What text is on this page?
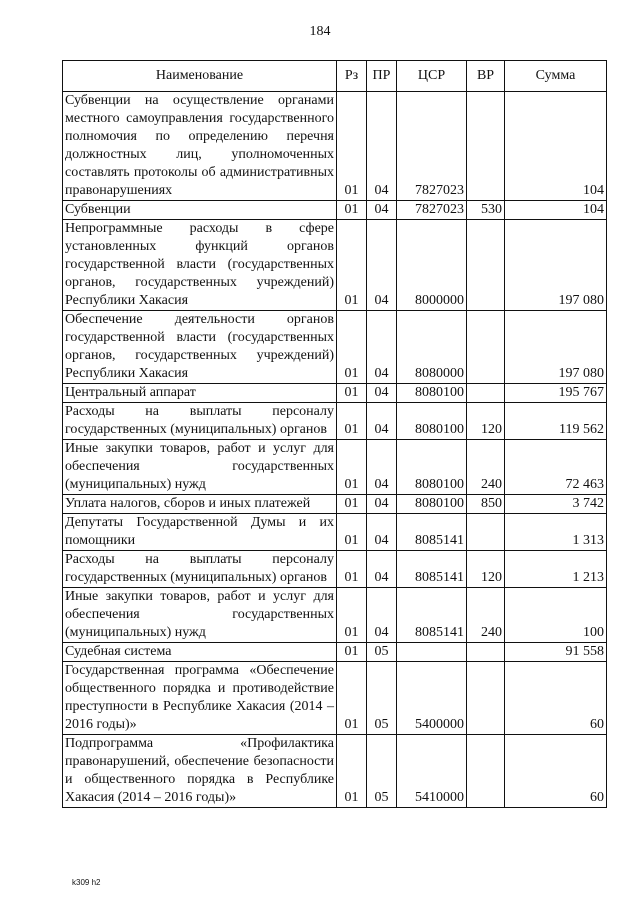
184
Наименование	Рз	ПР	ЦСР	ВР	Сумма
Субвенции на осуществление органами местного самоуправления государственного полномочия по определению перечня должностных лиц, уполномоченных составлять протоколы об административных правонарушениях	01	04	7827023		104
Субвенции	01	04	7827023	530	104
Непрограммные расходы в сфере установленных функций органов государственной власти (государственных органов, государственных учреждений) Республики Хакасия	01	04	8000000		197 080
Обеспечение деятельности органов государственной власти (государственных органов, государственных учреждений) Республики Хакасия	01	04	8080000		197 080
Центральный аппарат	01	04	8080100		195 767
Расходы на выплаты персоналу государственных (муниципальных) органов	01	04	8080100	120	119 562
Иные закупки товаров, работ и услуг для обеспечения государственных (муниципальных) нужд	01	04	8080100	240	72 463
Уплата налогов, сборов и иных платежей	01	04	8080100	850	3 742
Депутаты Государственной Думы и их помощники	01	04	8085141		1 313
Расходы на выплаты персоналу государственных (муниципальных) органов	01	04	8085141	120	1 213
Иные закупки товаров, работ и услуг для обеспечения государственных (муниципальных) нужд	01	04	8085141	240	100
Судебная система	01	05			91 558
Государственная программа «Обеспечение общественного порядка и противодействие преступности в Республике Хакасия (2014 – 2016 годы)»	01	05	5400000		60
Подпрограмма «Профилактика правонарушений, обеспечение безопасности и общественного порядка в Республике Хакасия (2014 – 2016 годы)»	01	05	5410000		60
k309 h2
